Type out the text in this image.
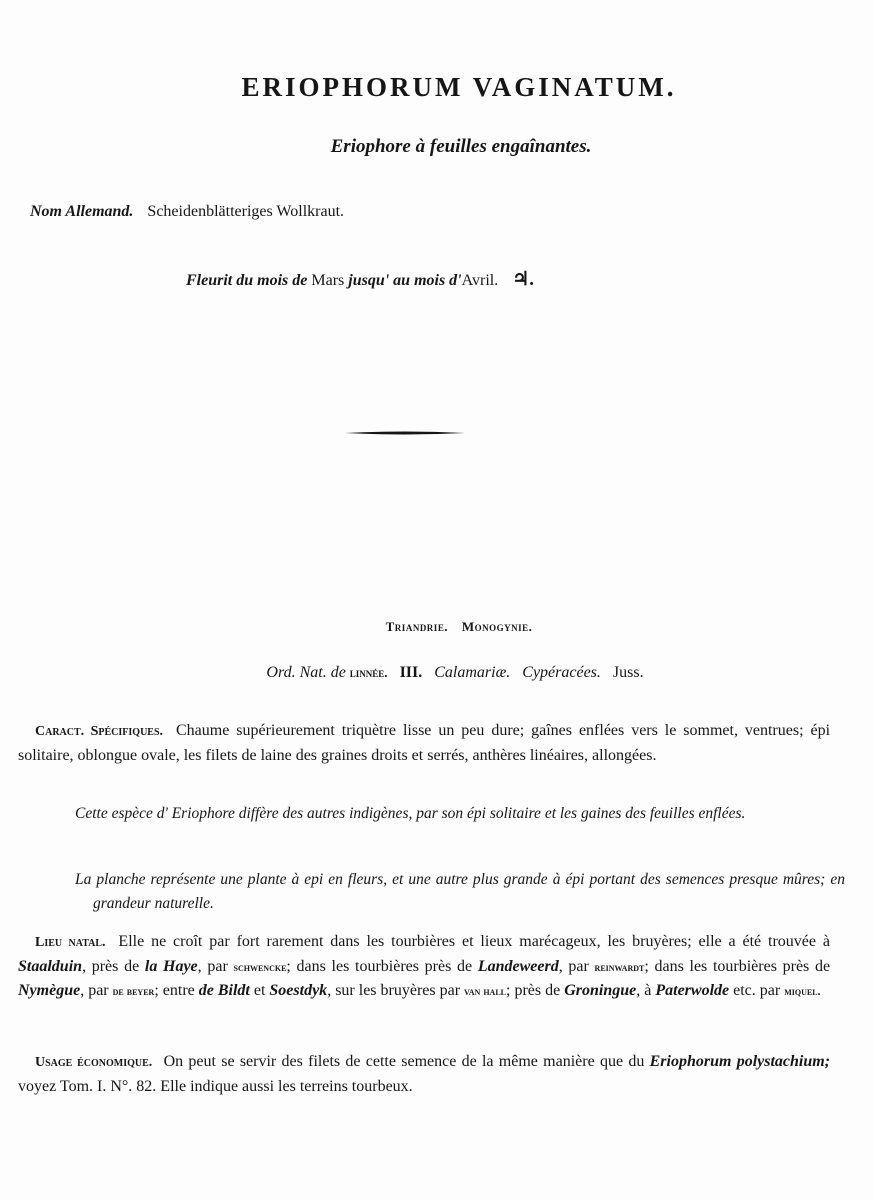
ERIOPHORUM VAGINATUM.
Eriophore à feuilles engaînantes.
Nom Allemand. Scheidenblätteriges Wollkraut.
Fleurit du mois de Mars jusqu' au mois d'Avril. ♃.
Triandrie. Monogynie.
Ord. Nat. de linnée. III. Calamariæ. Cypéracées. Juss.
Caract. Spécifiques. Chaume supérieurement triquètre lisse un peu dure; gaînes enflées vers le sommet, ventrues; épi solitaire, oblongue ovale, les filets de laine des graines droits et serrés, anthères linéaires, allongées.
Cette espèce d' Eriophore diffère des autres indigènes, par son épi solitaire et les gaines des feuilles enflées.
La planche représente une plante à epi en fleurs, et une autre plus grande à épi portant des semences presque mûres; en grandeur naturelle.
Lieu natal. Elle ne croît par fort rarement dans les tourbières et lieux marécageux, les bruyères; elle a été trouvée à Staalduin, près de la Haye, par schwencke; dans les tourbières près de Landeweerd, par reinwardt; dans les tourbières près de Nymègue, par de beyer; entre de Bildt et Soestdyk, sur les bruyères par van hall; près de Groningue, à Paterwolde etc. par miquel.
Usage économique. On peut se servir des filets de cette semence de la même manière que du Eriophorum polystachium; voyez Tom. I. N°. 82. Elle indique aussi les terreins tourbeux.
